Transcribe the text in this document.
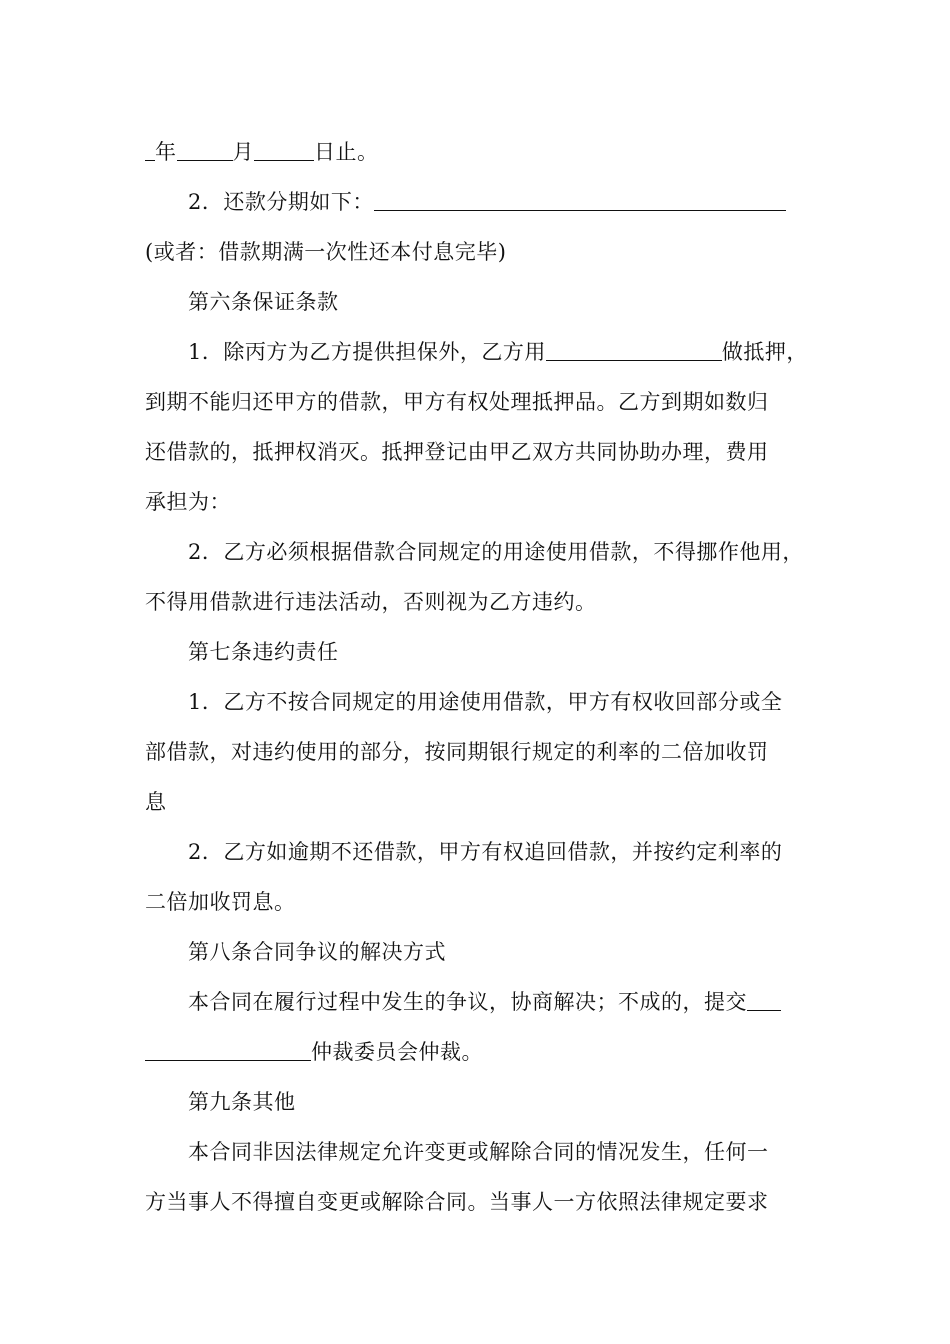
年	月	日止。
2．还款分期如下：
(或者：借款期满一次性还本付息完毕)
第六条保证条款
1．除丙方为乙方提供担保外，乙方用	做抵押，
到期不能归还甲方的借款，甲方有权处理抵押品。乙方到期如数归
还借款的，抵押权消灭。抵押登记由甲乙双方共同协助办理，费用
承担为：
2．乙方必须根据借款合同规定的用途使用借款，不得挪作他用，
不得用借款进行违法活动，否则视为乙方违约。
第七条违约责任
1．乙方不按合同规定的用途使用借款，甲方有权收回部分或全
部借款，对违约使用的部分，按同期银行规定的利率的二倍加收罚
息
2．乙方如逾期不还借款，甲方有权追回借款，并按约定利率的
二倍加收罚息。
第八条合同争议的解决方式
本合同在履行过程中发生的争议，协商解决；不成的，提交
仲裁委员会仲裁。
第九条其他
本合同非因法律规定允许变更或解除合同的情况发生，任何一
方当事人不得擅自变更或解除合同。当事人一方依照法律规定要求
